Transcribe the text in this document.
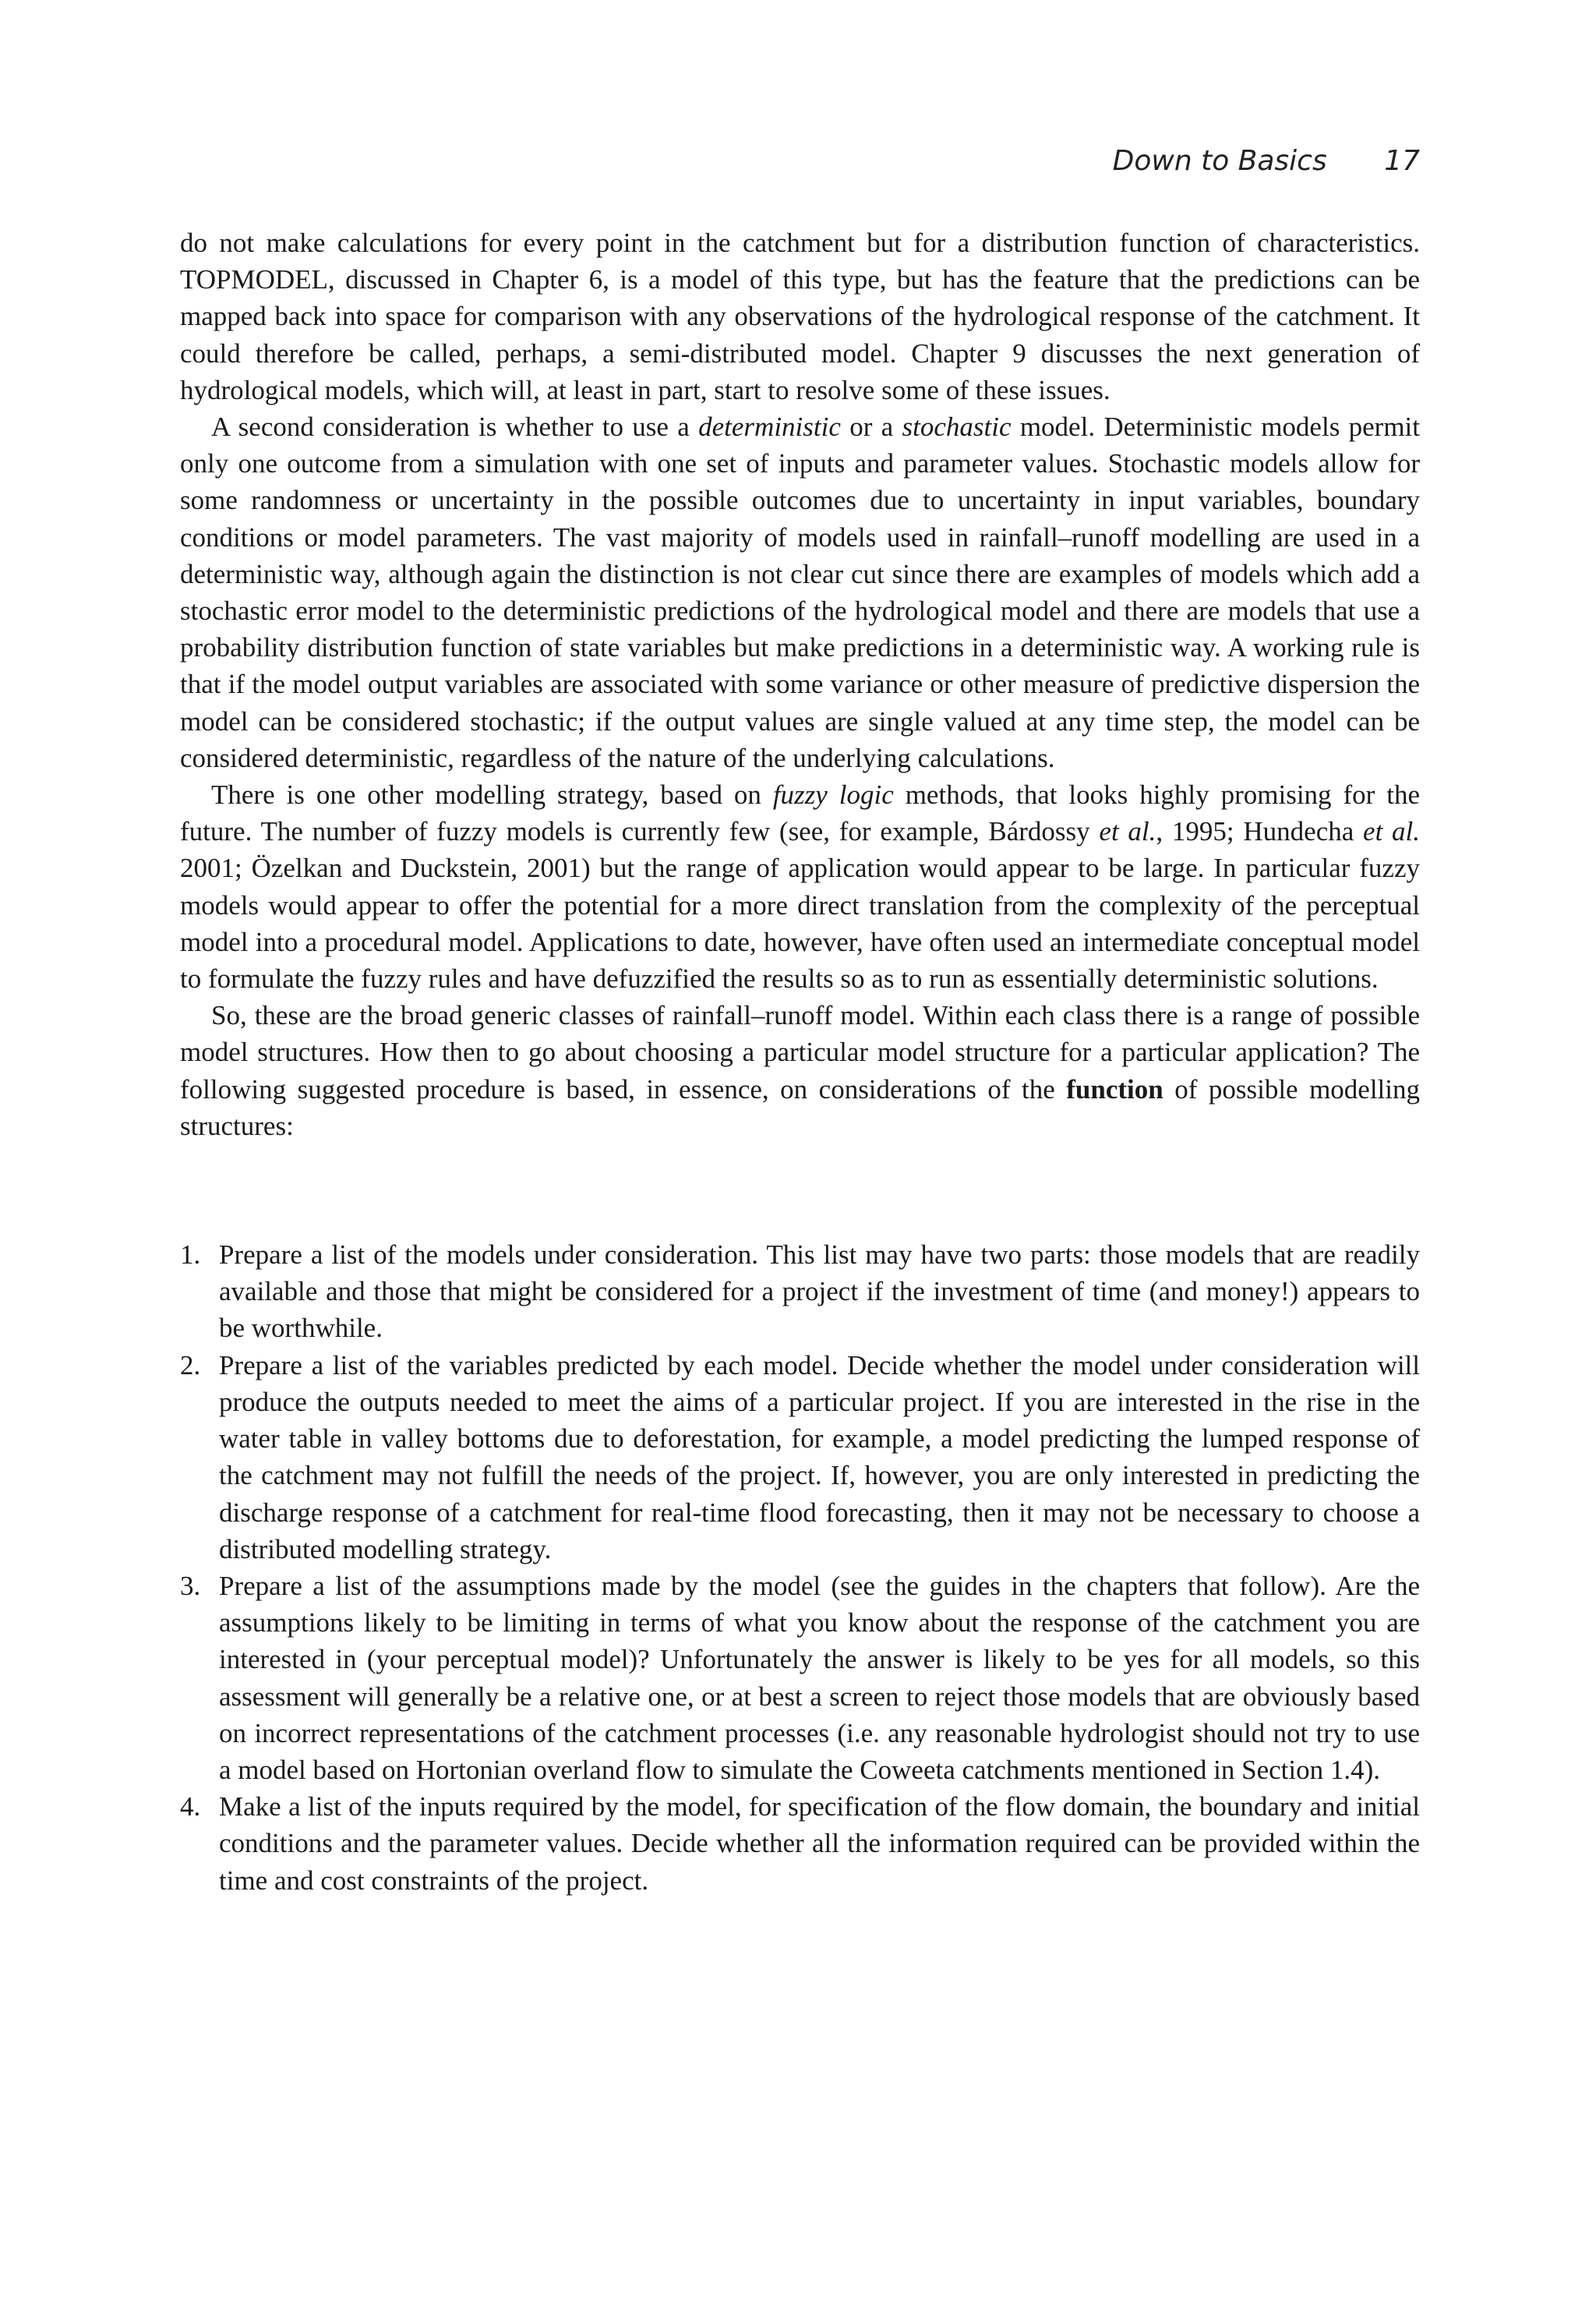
Down to Basics 17

do not make calculations for every point in the catchment but for a distribution function of characteristics. TOPMODEL, discussed in Chapter 6, is a model of this type, but has the feature that the predictions can be mapped back into space for comparison with any observations of the hydrological response of the catchment. It could therefore be called, perhaps, a semi-distributed model. Chapter 9 discusses the next generation of hydrological models, which will, at least in part, start to resolve some of these issues.

A second consideration is whether to use a deterministic or a stochastic model. Deterministic models permit only one outcome from a simulation with one set of inputs and parameter values. Stochastic models allow for some randomness or uncertainty in the possible outcomes due to uncertainty in input variables, boundary conditions or model parameters. The vast majority of models used in rainfall–runoff modelling are used in a deterministic way, although again the distinction is not clear cut since there are examples of models which add a stochastic error model to the deterministic predictions of the hydrological model and there are models that use a probability distribution function of state variables but make predictions in a deterministic way. A working rule is that if the model output variables are associated with some variance or other measure of predictive dispersion the model can be considered stochastic; if the output values are single valued at any time step, the model can be considered deterministic, regardless of the nature of the underlying calculations.

There is one other modelling strategy, based on fuzzy logic methods, that looks highly promising for the future. The number of fuzzy models is currently few (see, for example, Bárdossy et al., 1995; Hundecha et al. 2001; Özelkan and Duckstein, 2001) but the range of application would appear to be large. In particular fuzzy models would appear to offer the potential for a more direct translation from the complexity of the perceptual model into a procedural model. Applications to date, however, have often used an intermediate conceptual model to formulate the fuzzy rules and have defuzzified the results so as to run as essentially deterministic solutions.

So, these are the broad generic classes of rainfall–runoff model. Within each class there is a range of possible model structures. How then to go about choosing a particular model structure for a particular application? The following suggested procedure is based, in essence, on considerations of the function of possible modelling structures:

1. Prepare a list of the models under consideration. This list may have two parts: those models that are readily available and those that might be considered for a project if the investment of time (and money!) appears to be worthwhile.
2. Prepare a list of the variables predicted by each model. Decide whether the model under consideration will produce the outputs needed to meet the aims of a particular project. If you are interested in the rise in the water table in valley bottoms due to deforestation, for example, a model predicting the lumped response of the catchment may not fulfill the needs of the project. If, however, you are only interested in predicting the discharge response of a catchment for real-time flood forecasting, then it may not be necessary to choose a distributed modelling strategy.
3. Prepare a list of the assumptions made by the model (see the guides in the chapters that follow). Are the assumptions likely to be limiting in terms of what you know about the response of the catchment you are interested in (your perceptual model)? Unfortunately the answer is likely to be yes for all models, so this assessment will generally be a relative one, or at best a screen to reject those models that are obviously based on incorrect representations of the catchment processes (i.e. any reasonable hydrologist should not try to use a model based on Hortonian overland flow to simulate the Coweeta catchments mentioned in Section 1.4).
4. Make a list of the inputs required by the model, for specification of the flow domain, the boundary and initial conditions and the parameter values. Decide whether all the information required can be provided within the time and cost constraints of the project.
